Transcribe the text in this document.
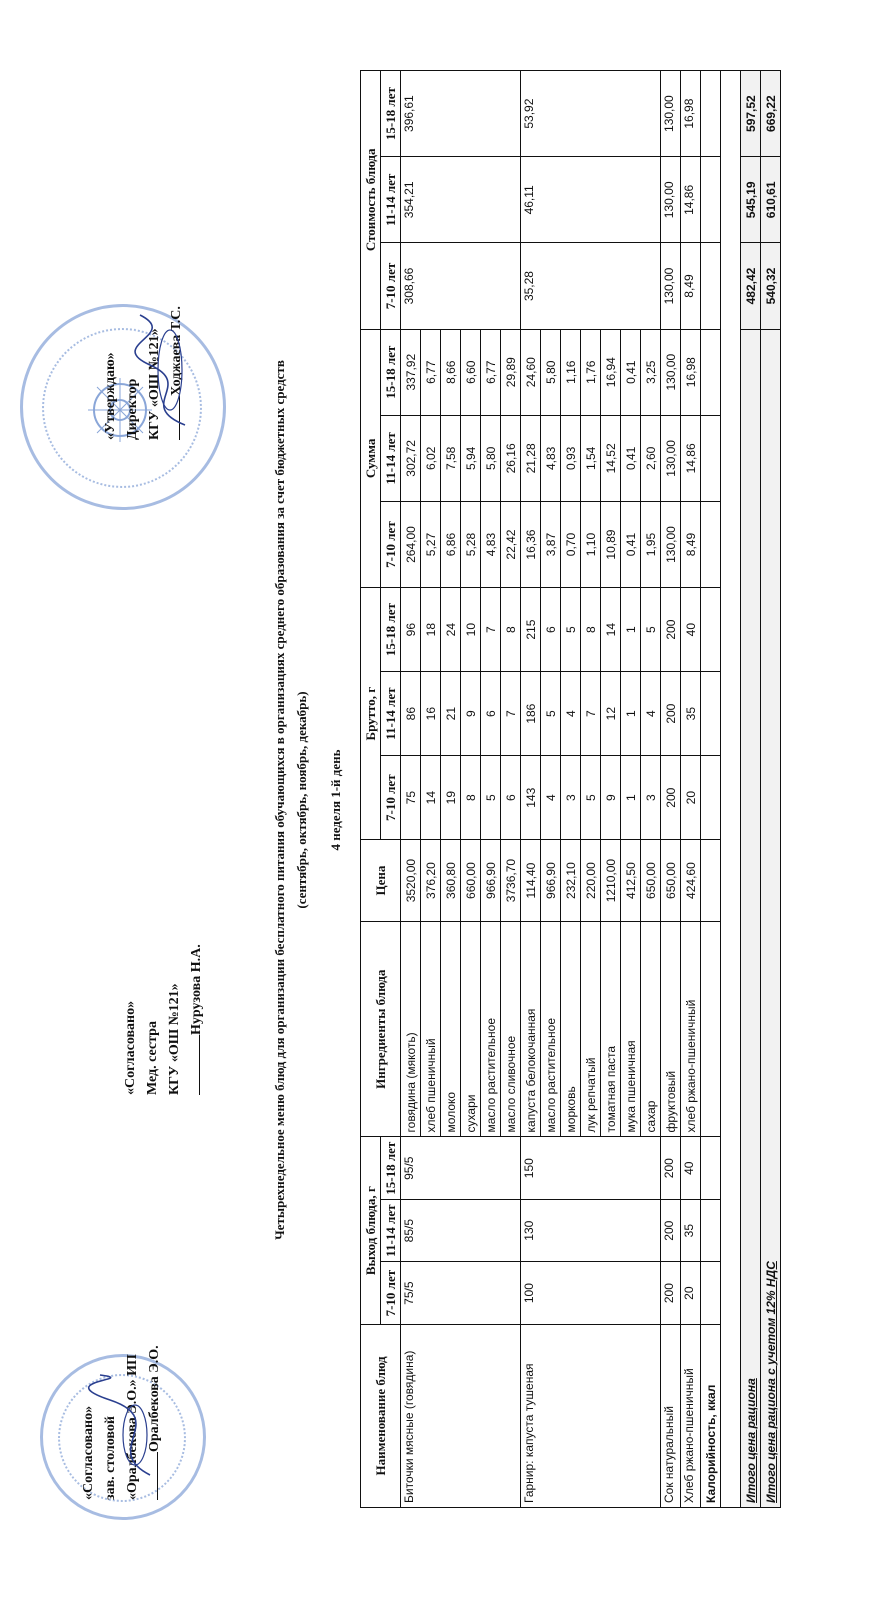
«Согласовано» зав. столовой «Оралбекова Э.О.» ИП Оралбекова Э.О.
«Согласовано» Мед. сестра КГУ «ОШ №121» Нурузова Н.А.
«Утверждаю» Директор КГУ «ОШ №121» Ходжаева Т.С.
Четырехнедельное меню блюд для организации бесплатного питания обучающихся в организациях среднего образования за счет бюджетных средств (сентябрь, октябрь, ноябрь, декабрь) 4 неделя 1-й день
Наименование блюд	Выход блюда, г			Ингредиенты блюда	Цена	Брутто, г			Сумма			Стоимость блюда		
	7-10 лет	11-14 лет	15-18 лет			7-10 лет	11-14 лет	15-18 лет	7-10 лет	11-14 лет	15-18 лет	7-10 лет	11-14 лет	15-18 лет
Биточки мясные (говядина)	75/5	85/5	95/5	говядина (мякоть)	3520,00	75	86	96	264,00	302,72	337,92	308,66	354,21	396,61
				хлеб пшеничный	376,20	14	16	18	5,27	6,02	6,77			
				молоко	360,80	19	21	24	6,86	7,58	8,66			
				сухари	660,00	8	9	10	5,28	5,94	6,60			
				масло растительное	966,90	5	6	7	4,83	5,80	6,77			
				масло сливочное	3736,70	6	7	8	22,42	26,16	29,89			
Гарнир: капуста тушеная	100	130	150	капуста белокочанная	114,40	143	186	215	16,36	21,28	24,60	35,28	46,11	53,92
				масло растительное	966,90	4	5	6	3,87	4,83	5,80			
				морковь	232,10	3	4	5	0,70	0,93	1,16			
				лук репчатый	220,00	5	7	8	1,10	1,54	1,76			
				томатная паста	1210,00	9	12	14	10,89	14,52	16,94			
				мука пшеничная	412,50	1	1	1	0,41	0,41	0,41			
				сахар	650,00	3	4	5	1,95	2,60	3,25			
Сок натуральный	200	200	200	фруктовый	650,00	200	200	200	130,00	130,00	130,00	130,00	130,00	130,00
Хлеб ржано-пшеничный	20	35	40	хлеб ржано-пшеничный	424,60	20	35	40	8,49	14,86	16,98	8,49	14,86	16,98
Калорийность, ккал														

Итого цена рациона												482,42	545,19	597,52
Итого цена рациона с учетом 12% НДС												540,32	610,61	669,22
